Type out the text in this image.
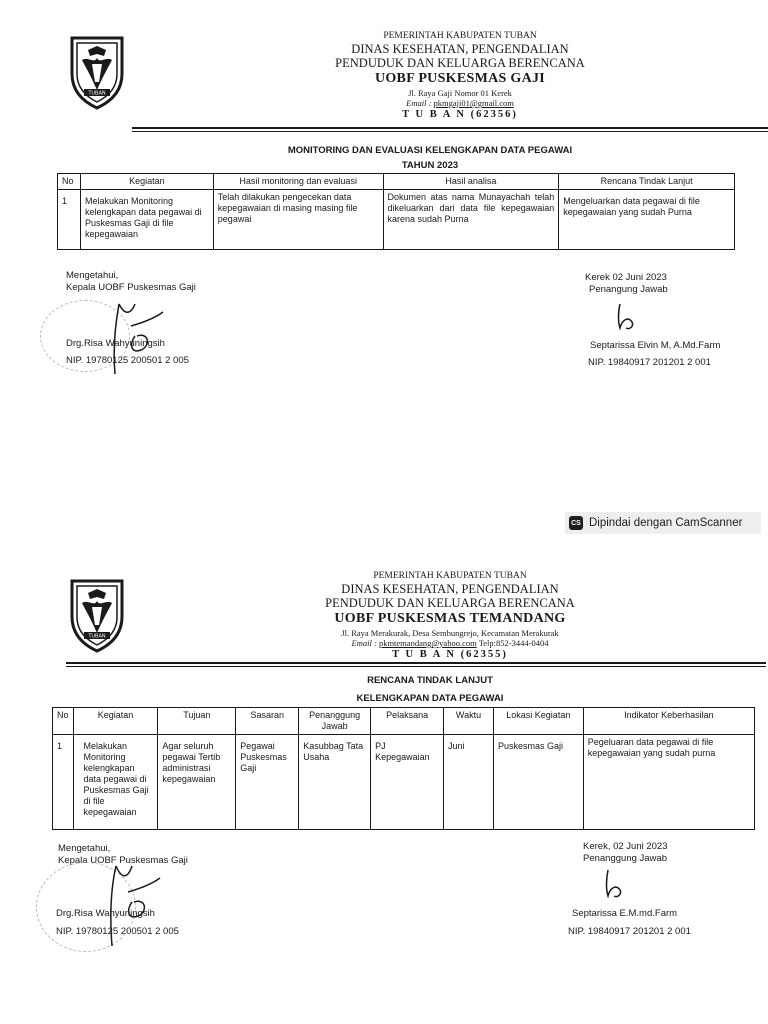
TUBAN
PEMERINTAH KABUPATEN TUBAN
DINAS KESEHATAN, PENGENDALIAN
PENDUDUK DAN KELUARGA BERENCANA
UOBF PUSKESMAS GAJI
Jl. Raya Gaji Nomor 01 Kerek
Email : pkmgaji01@gmail.com
T U B A N (62356)
MONITORING DAN EVALUASI KELENGKAPAN DATA PEGAWAI
TAHUN 2023
No	Kegiatan	Hasil monitoring dan evaluasi	Hasil analisa	Rencana Tindak Lanjut
1	Melakukan Monitoring kelengkapan data pegawai di Puskesmas Gaji di file kepegawaian	Telah dilakukan pengecekan data kepegawaian di masing masing file pegawai	Dokumen atas nama Munayachah telah dikeluarkan dari data file kepegawaian karena sudah Purna	Mengeluarkan data pegawai di file kepegawaian yang sudah Purna
Mengetahui,
Kepala UOBF Puskesmas Gaji
Drg.Risa Wahyuningsih
NIP. 19780125 200501 2 005
Kerek 02 Juni 2023
Penangung Jawab
Septarissa Elvin M, A.Md.Farm
NIP. 19840917 201201 2 001
CS Dipindai dengan CamScanner
TUBAN
PEMERINTAH KABUPATEN TUBAN
DINAS KESEHATAN, PENGENDALIAN
PENDUDUK DAN KELUARGA BERENCANA
UOBF PUSKESMAS TEMANDANG
Jl. Raya Merakurak, Desa Sembungrejo, Kecamatan Merakurak
Email : pkmtemandang@yahoo.com Telp:852-3444-0404
T U B A N (62355)
RENCANA TINDAK LANJUT
KELENGKAPAN DATA PEGAWAI
No	Kegiatan	Tujuan	Sasaran	Penanggung Jawab	Pelaksana	Waktu	Lokasi Kegiatan	Indikator Keberhasilan
1	Melakukan Monitoring kelengkapan data pegawai di Puskesmas Gaji di file kepegawaian	Agar seluruh pegawai Tertib administrasi kepegawaian	Pegawai Puskesmas Gaji	Kasubbag Tata Usaha	PJ Kepegawaian	Juni	Puskesmas Gaji	Pegeluaran data pegawai di file kepegawaian yang sudah purna
Mengetahui,
Kepala UOBF Puskesmas Gaji
Drg.Risa Wahyuningsih
NIP. 19780125 200501 2 005
Kerek, 02 Juni 2023
Penanggung Jawab
Septarissa E.M.md.Farm
NIP. 19840917 201201 2 001
